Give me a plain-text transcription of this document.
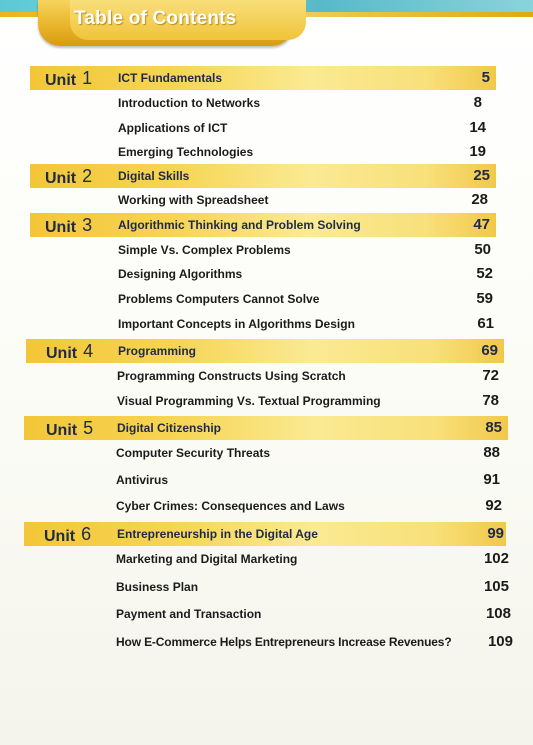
Table of Contents
Unit 1 ICT Fundamentals	5
Introduction to Networks	8
Applications of ICT	14
Emerging Technologies	19
Unit 2 Digital Skills	25
Working with Spreadsheet	28
Unit 3 Algorithmic Thinking and Problem Solving	47
Simple Vs. Complex Problems	50
Designing Algorithms	52
Problems Computers Cannot Solve	59
Important Concepts in Algorithms Design	61
Unit 4 Programming	69
Programming Constructs Using Scratch	72
Visual Programming Vs. Textual Programming	78
Unit 5 Digital Citizenship	85
Computer Security Threats	88
Antivirus	91
Cyber Crimes: Consequences and Laws	92
Unit 6 Entrepreneurship in the Digital Age	99
Marketing and Digital Marketing	102
Business Plan	105
Payment and Transaction	108
How E-Commerce Helps Entrepreneurs Increase Revenues? 109
